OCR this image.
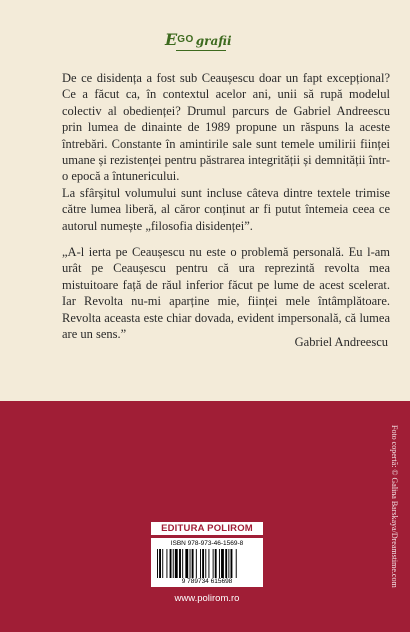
EGO grafii

De ce disidența a fost sub Ceaușescu doar un fapt excepțional? Ce a făcut ca, în contextul acelor ani, unii să rupă modelul colectiv al obedienței? Drumul parcurs de Gabriel Andreescu prin lumea de dinainte de 1989 propune un răspuns la aceste întrebări. Constante în amintirile sale sunt temele umilirii ființei umane și rezistenței pentru păstrarea integrității și demnității într-o epocă a întunericului.

La sfârșitul volumului sunt incluse câteva dintre textele trimise către lumea liberă, al căror conținut ar fi putut întemeia ceea ce autorul numește „filosofia disidenței”.

„A-l ierta pe Ceaușescu nu este o problemă personală. Eu l-am urât pe Ceaușescu pentru că ura reprezintă revolta mea mistuitoare față de răul inferior făcut pe lume de acest scelerat. Iar Revolta nu-mi aparține mie, ființei mele întâmplătoare. Revolta aceasta este chiar dovada, evident impersonală, că lumea are un sens.”

Gabriel Andreescu
EDITURA POLIROM
ISBN 978-973-46-1569-8
9 789734 615698
www.polirom.ro
Foto copertă: © Galina Barskaya/Dreamstime.com
